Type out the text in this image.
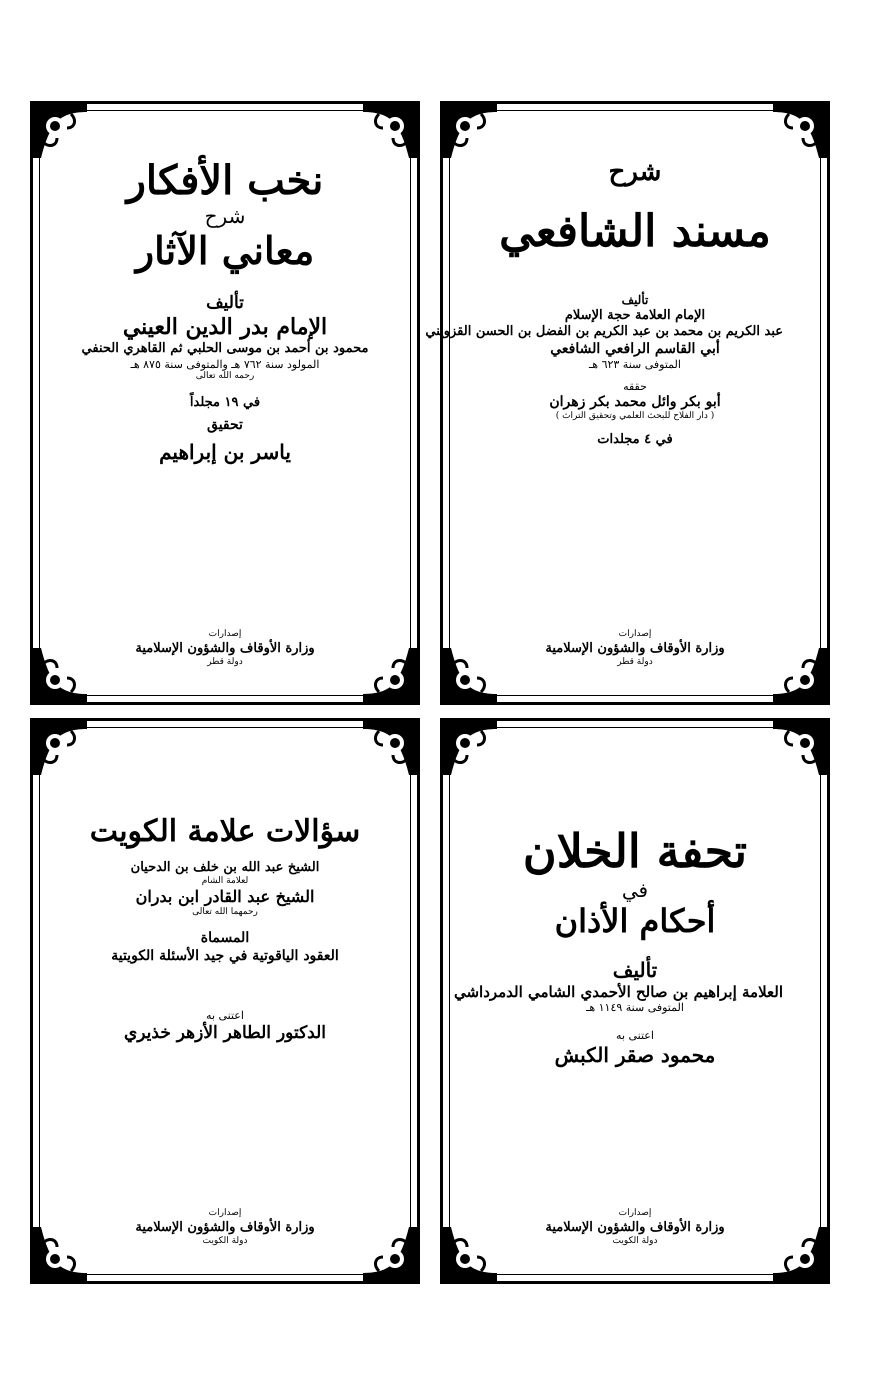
شرح
مسند الشافعي
تأليف
الإمام العلامة حجة الإسلام
عبد الكريم بن محمد بن عبد الكريم بن الفضل بن الحسن القزويني
أبي القاسم الرافعي الشافعي
المتوفى سنة ٦٢٣ هـ
حققه
أبو بكر وائل محمد بكر زهران
( دار الفلاح للبحث العلمي وتحقيق التراث )
في ٤ مجلدات
إصدارات
وزارة الأوقاف والشؤون الإسلامية
دولة قطر
نخب الأفكار
شرح
معاني الآثار
تأليف
الإمام بدر الدين العيني
محمود بن أحمد بن موسى الحلبي ثم القاهري الحنفي
المولود سنة ٧٦٢ هـ والمتوفى سنة ٨٧٥ هـ
رحمه الله تعالى
في ١٩ مجلداً
تحقيق
ياسر بن إبراهيم
إصدارات
وزارة الأوقاف والشؤون الإسلامية
دولة قطر
تحفة الخلان
في
أحكام الأذان
تأليف
العلامة إبراهيم بن صالح الأحمدي الشامي الدمرداشي
المتوفى سنة ١١٤٩ هـ
اعتنى به
محمود صقر الكبش
إصدارات
وزارة الأوقاف والشؤون الإسلامية
دولة الكويت
سؤالات علامة الكويت
الشيخ عبد الله بن خلف بن الدحيان
لعلامة الشام
الشيخ عبد القادر ابن بدران
رحمهما الله تعالى
المسماة
العقود الياقوتية في جيد الأسئلة الكويتية
اعتنى به
الدكتور الطاهر الأزهر خذيري
إصدارات
وزارة الأوقاف والشؤون الإسلامية
دولة الكويت
